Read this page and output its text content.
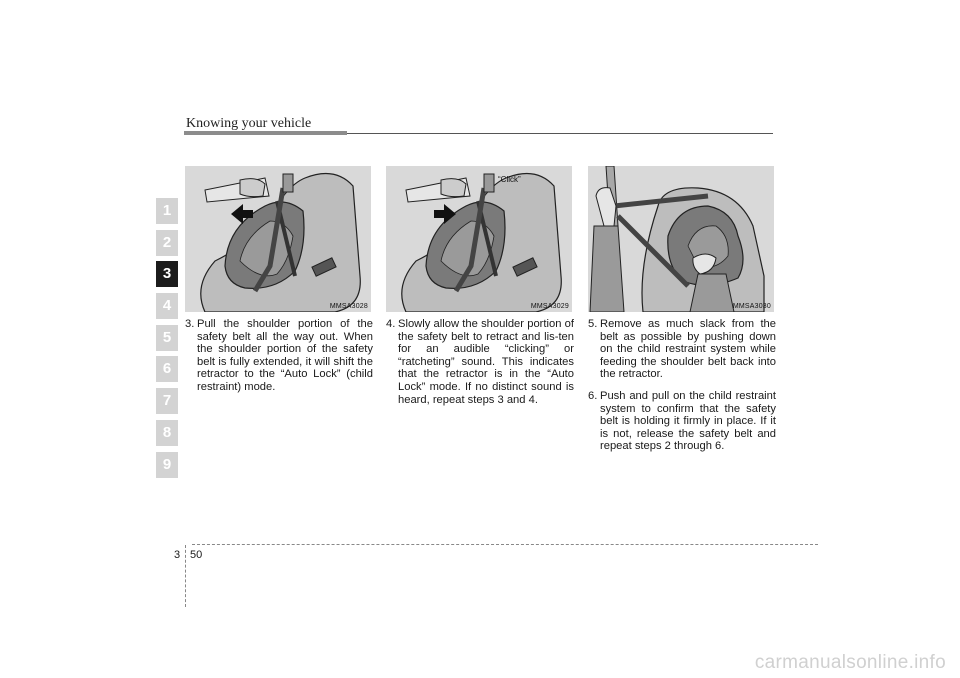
Knowing your vehicle
1
2
3
4
5
6
7
8
9
MMSA3028
“Click”
MMSA3029	MMSA3030

3. Pull the shoulder portion of the safety belt all the way out. When the shoulder portion of the safety belt is fully extended, it will shift the retractor to the “Auto Lock” (child restraint) mode.

4. Slowly allow the shoulder portion of the safety belt to retract and lis-ten for an audible “clicking” or “ratcheting” sound. This indicates that the retractor is in the “Auto Lock” mode. If no distinct sound is heard, repeat steps 3 and 4.

5. Remove as much slack from the belt as possible by pushing down on the child restraint system while feeding the shoulder belt back into the retractor.

6. Push and pull on the child restraint system to confirm that the safety belt is holding it firmly in place. If it is not, release the safety belt and repeat steps 2 through 6.

3 50
carmanualsonline.info
